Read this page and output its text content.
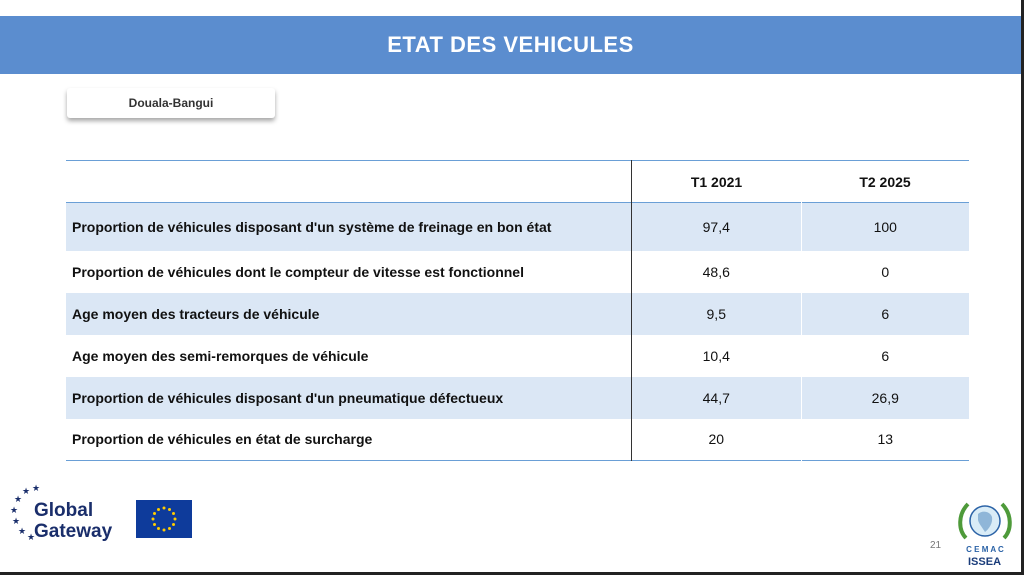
ETAT DES VEHICULES
Douala-Bangui
	T1 2021	T2 2025
Proportion de véhicules disposant d'un système de freinage en bon état	97,4	100
Proportion de véhicules dont le compteur de vitesse est fonctionnel	48,6	0
Age moyen des tracteurs de véhicule	9,5	6
Age moyen des semi-remorques de véhicule	10,4	6
Proportion de véhicules disposant d'un pneumatique défectueux	44,7	26,9
Proportion de véhicules en état de surcharge	20	13
★
★
★
★
★
★
★
Global
Gateway
21	C E M A C
ISSEA
